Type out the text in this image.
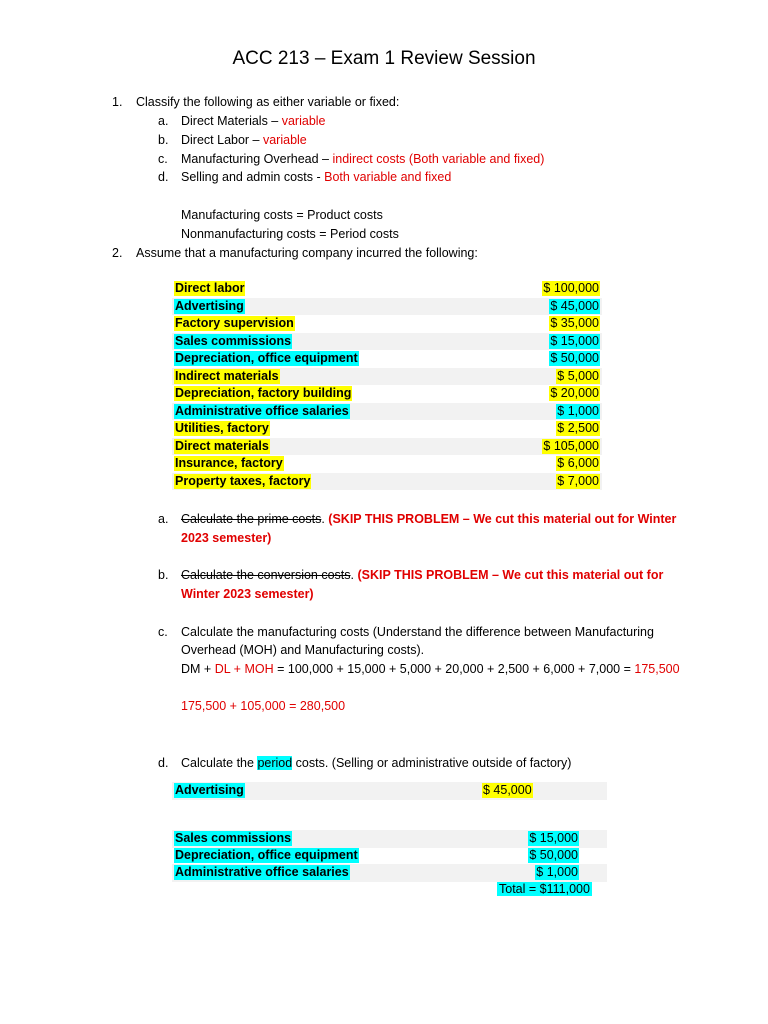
ACC 213 – Exam 1 Review Session
1. Classify the following as either variable or fixed:
a. Direct Materials – variable
b. Direct Labor – variable
c. Manufacturing Overhead – indirect costs (Both variable and fixed)
d. Selling and admin costs - Both variable and fixed
Manufacturing costs = Product costs
Nonmanufacturing costs = Period costs
2. Assume that a manufacturing company incurred the following:
Direct labor	$ 100,000
Advertising	$ 45,000
Factory supervision	$ 35,000
Sales commissions	$ 15,000
Depreciation, office equipment	$ 50,000
Indirect materials	$ 5,000
Depreciation, factory building	$ 20,000
Administrative office salaries	$ 1,000
Utilities, factory	$ 2,500
Direct materials	$ 105,000
Insurance, factory	$ 6,000
Property taxes, factory	$ 7,000
a. Calculate the prime costs. (SKIP THIS PROBLEM – We cut this material out for Winter
2023 semester)
b. Calculate the conversion costs. (SKIP THIS PROBLEM – We cut this material out for
Winter 2023 semester)
c. Calculate the manufacturing costs (Understand the difference between Manufacturing
Overhead (MOH) and Manufacturing costs).
DM + DL + MOH = 100,000 + 15,000 + 5,000 + 20,000 + 2,500 + 6,000 + 7,000 = 175,500
175,500 + 105,000 = 280,500
d. Calculate the period costs. (Selling or administrative outside of factory)
Advertising	$ 45,000
Sales commissions	$ 15,000
Depreciation, office equipment	$ 50,000
Administrative office salaries	$ 1,000
Total = $111,000
